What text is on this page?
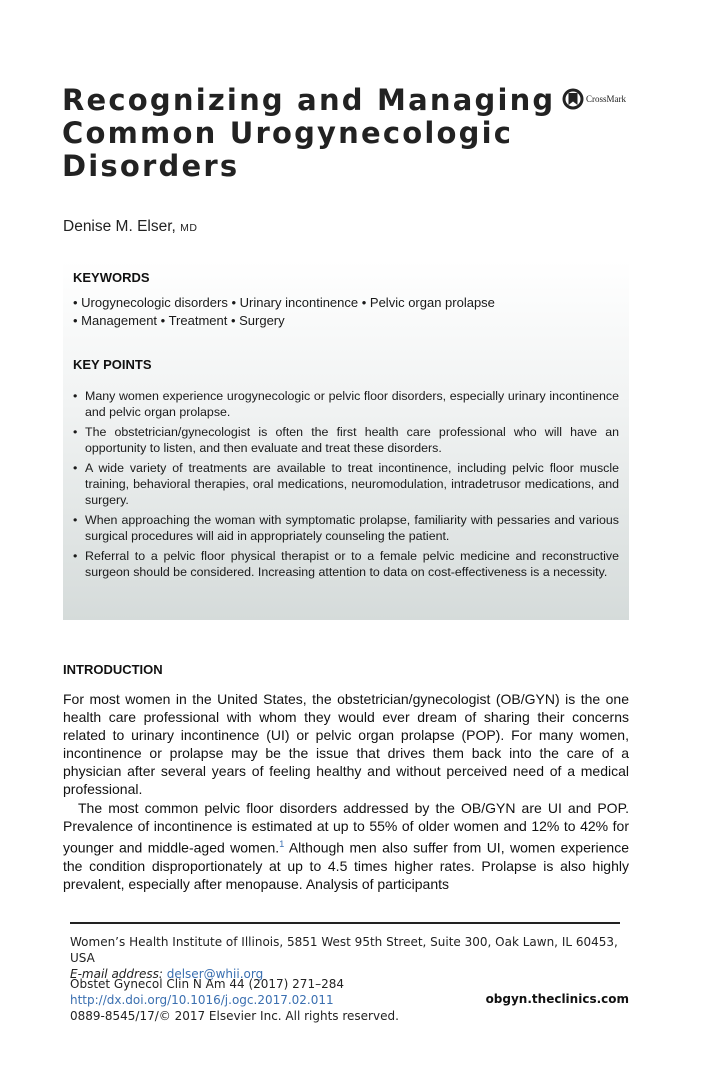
Recognizing and Managing
Common Urogynecologic
Disorders
CrossMark
Denise M. Elser, MD
KEYWORDS
• Urogynecologic disorders • Urinary incontinence • Pelvic organ prolapse
• Management • Treatment • Surgery
KEY POINTS
• Many women experience urogynecologic or pelvic floor disorders, especially urinary incontinence and pelvic organ prolapse.
• The obstetrician/gynecologist is often the first health care professional who will have an opportunity to listen, and then evaluate and treat these disorders.
• A wide variety of treatments are available to treat incontinence, including pelvic floor muscle training, behavioral therapies, oral medications, neuromodulation, intradetrusor medications, and surgery.
• When approaching the woman with symptomatic prolapse, familiarity with pessaries and various surgical procedures will aid in appropriately counseling the patient.
• Referral to a pelvic floor physical therapist or to a female pelvic medicine and reconstructive surgeon should be considered. Increasing attention to data on cost-effectiveness is a necessity.
INTRODUCTION

For most women in the United States, the obstetrician/gynecologist (OB/GYN) is the one health care professional with whom they would ever dream of sharing their concerns related to urinary incontinence (UI) or pelvic organ prolapse (POP). For many women, incontinence or prolapse may be the issue that drives them back into the care of a physician after several years of feeling healthy and without perceived need of a medical professional.

The most common pelvic floor disorders addressed by the OB/GYN are UI and POP. Prevalence of incontinence is estimated at up to 55% of older women and 12% to 42% for younger and middle-aged women.$^1$ Although men also suffer from UI, women experience the condition disproportionately at up to 4.5 times higher rates. Prolapse is also highly prevalent, especially after menopause. Analysis of participants

Women’s Health Institute of Illinois, 5851 West 95th Street, Suite 300, Oak Lawn, IL 60453, USA
E-mail address: delser@whii.org
Obstet Gynecol Clin N Am 44 (2017) 271–284
http://dx.doi.org/10.1016/j.ogc.2017.02.011
0889-8545/17/© 2017 Elsevier Inc. All rights reserved.
obgyn.theclinics.com
